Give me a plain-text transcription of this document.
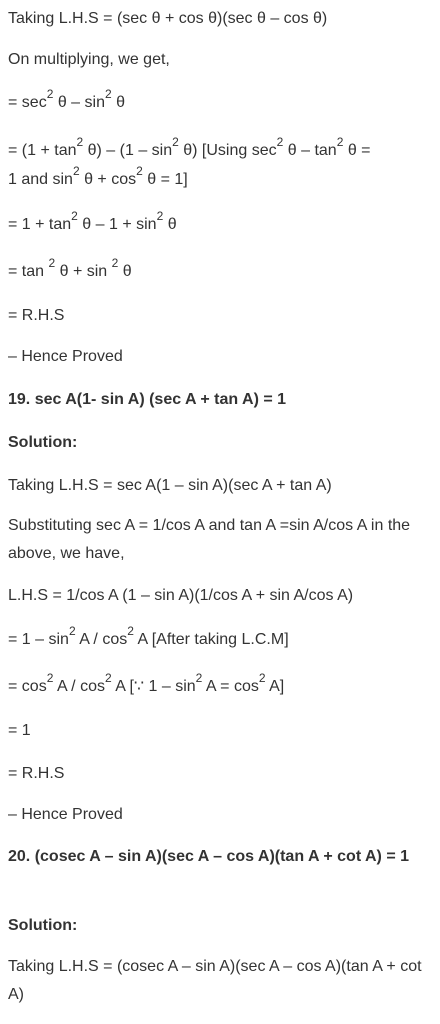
Taking L.H.S = (sec θ + cos θ)(sec θ – cos θ)
On multiplying, we get,
= $\sec^2 \theta - \sin^2 \theta$
= $(1 + \tan^2 \theta) - (1 - \sin^2 \theta)$ [Using $\sec^2 \theta - \tan^2 \theta$ =
1 and $\sin^2 \theta + \cos^2 \theta = 1$]
= $1 + \tan^2 \theta - 1 + \sin^2 \theta$
= tan $^2$ θ + sin $^2$ θ
= R.H.S
– Hence Proved
19. sec A(1- sin A) (sec A + tan A) = 1
Solution:
Taking L.H.S = sec A(1 – sin A)(sec A + tan A)
Substituting sec A = 1/cos A and tan A =sin A/cos A in the above, we have,
L.H.S = 1/cos A (1 – sin A)(1/cos A + sin A/cos A)
= $1 - \sin^2 A / \cos^2 A$ [After taking L.C.M]
= $\cos^2 A / \cos^2 A$ [∵ $1 - \sin^2 A = \cos^2 A$]
= 1
= R.H.S
– Hence Proved
20. (cosec A – sin A)(sec A – cos A)(tan A + cot A) = 1
Solution:
Taking L.H.S = (cosec A – sin A)(sec A – cos A)(tan A + cot A)
